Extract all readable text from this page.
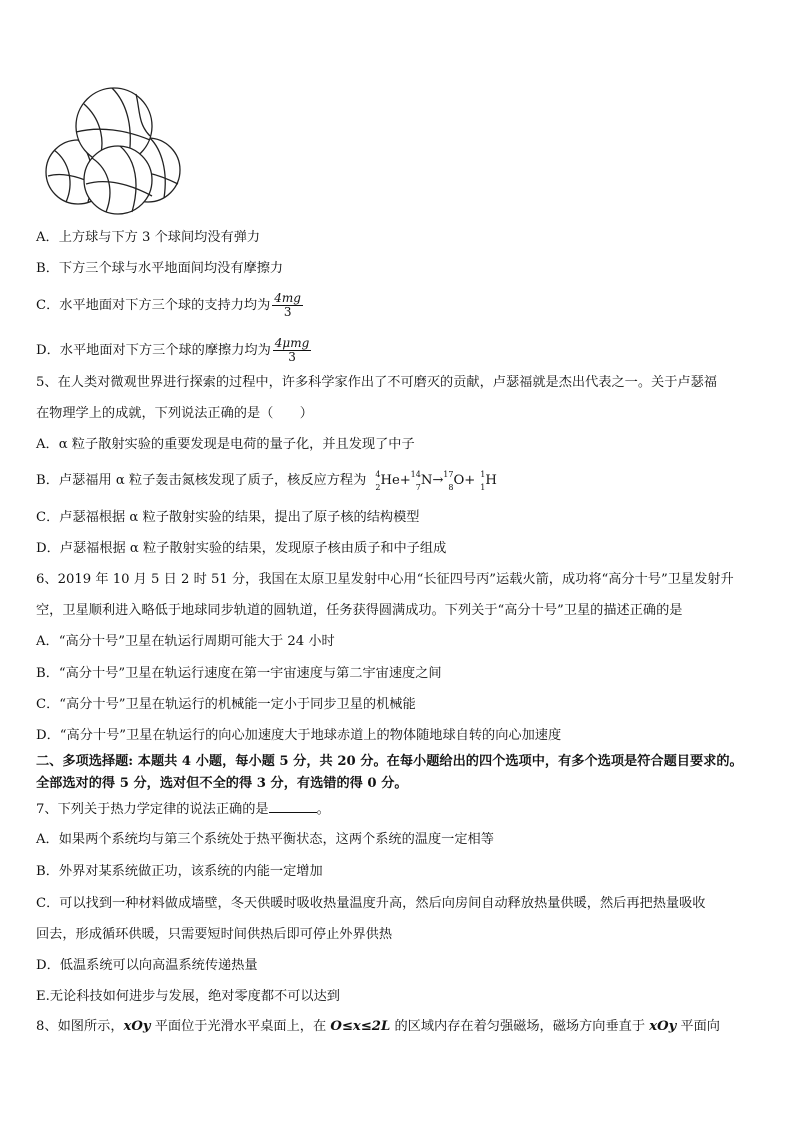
A．上方球与下方 3 个球间均没有弹力
B．下方三个球与水平地面间均没有摩擦力
C．水平地面对下方三个球的支持力均为 $\frac{4mg}{3}$
D．水平地面对下方三个球的摩擦力均为 $\frac{\text{4μmg}}{3}$
5、在人类对微观世界进行探索的过程中，许多科学家作出了不可磨灭的贡献，卢瑟福就是杰出代表之一。关于卢瑟福
在物理学上的成就，下列说法正确的是（　　）
A．α 粒子散射实验的重要发现是电荷的量子化，并且发现了中子
B．卢瑟福用 α 粒子轰击氮核发现了质子，核反应方程为 4
2 He+ 14
7 N→ 17
8 O+ 1
1 H
C．卢瑟福根据 α 粒子散射实验的结果，提出了原子核的结构模型
D．卢瑟福根据 α 粒子散射实验的结果，发现原子核由质子和中子组成
6、2019 年 10 月 5 日 2 时 51 分，我国在太原卫星发射中心用“长征四号丙”运载火箭，成功将“高分十号”卫星发射升
空，卫星顺利进入略低于地球同步轨道的圆轨道，任务获得圆满成功。下列关于“高分十号”卫星的描述正确的是
A．“高分十号”卫星在轨运行周期可能大于 24 小时
B．“高分十号”卫星在轨运行速度在第一宇宙速度与第二宇宙速度之间
C．“高分十号”卫星在轨运行的机械能一定小于同步卫星的机械能
D．“高分十号”卫星在轨运行的向心加速度大于地球赤道上的物体随地球自转的向心加速度
二、多项选择题: 本题共 4 小题，每小题 5 分，共 20 分。在每小题给出的四个选项中，有多个选项是符合题目要求的。
全部选对的得 5 分，选对但不全的得 3 分，有选错的得 0 分。
7、下列关于热力学定律的说法正确的是	。
A．如果两个系统均与第三个系统处于热平衡状态，这两个系统的温度一定相等
B．外界对某系统做正功，该系统的内能一定增加
C．可以找到一种材料做成墙壁，冬天供暖时吸收热量温度升高，然后向房间自动释放热量供暖，然后再把热量吸收
回去，形成循环供暖，只需要短时间供热后即可停止外界供热
D．低温系统可以向高温系统传递热量
E.无论科技如何进步与发展，绝对零度都不可以达到
8、如图所示，xOy 平面位于光滑水平桌面上，在 O≤x≤2L 的区域内存在着匀强磁场，磁场方向垂直于 xOy 平面向
